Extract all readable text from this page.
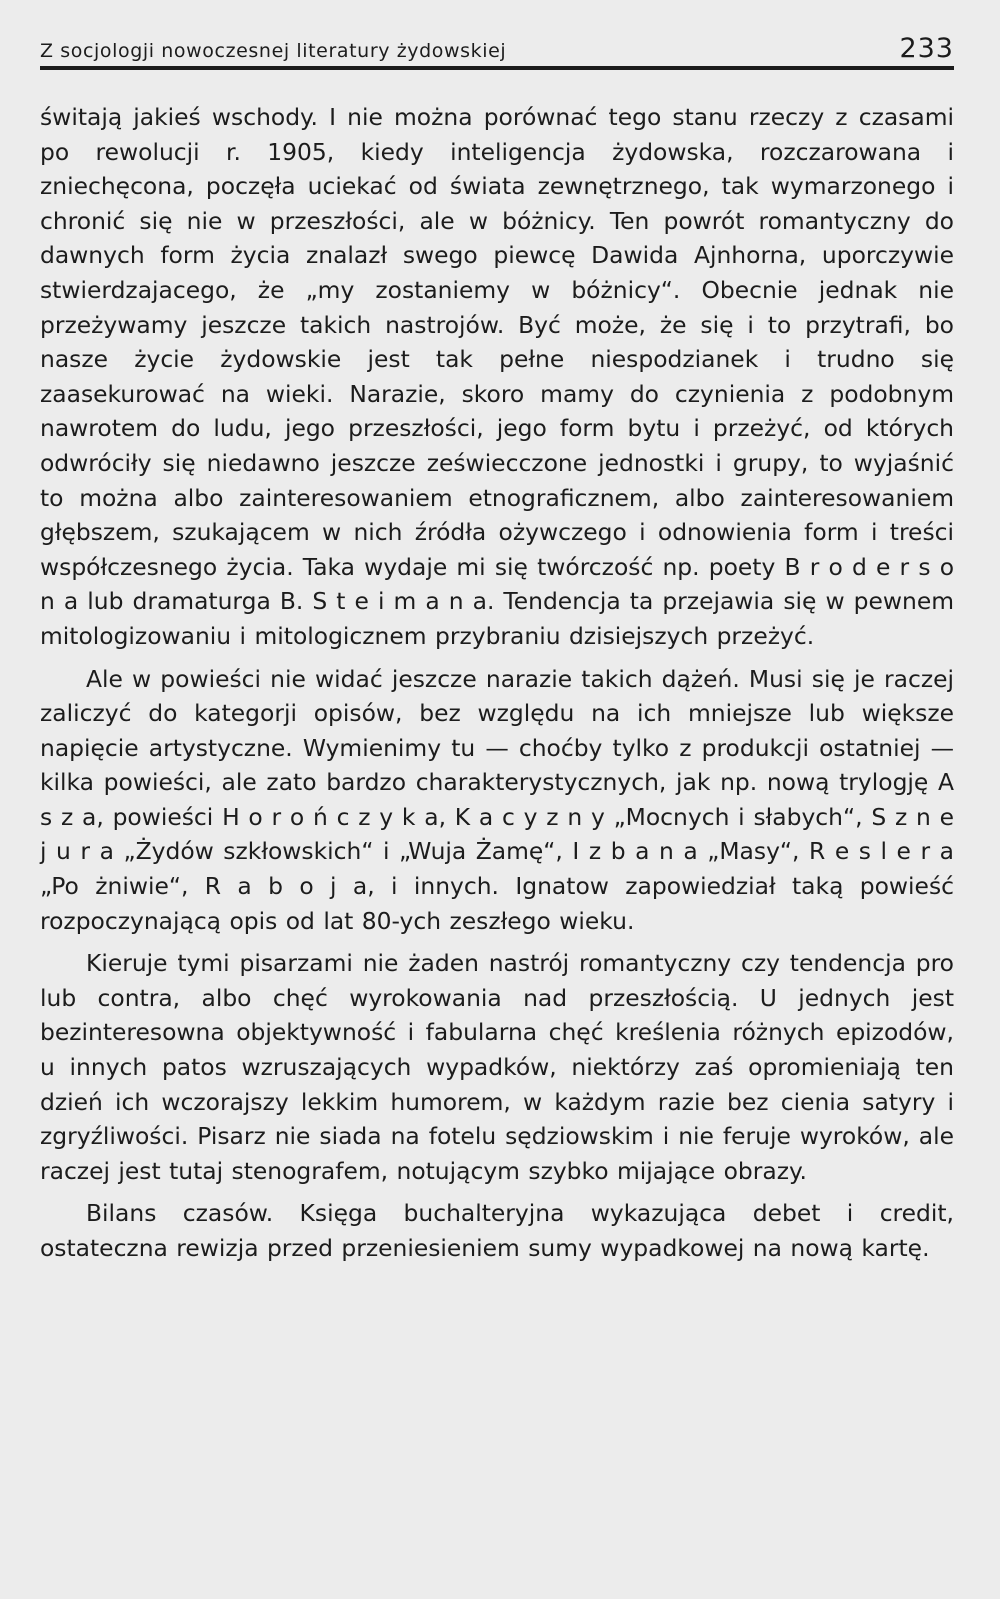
Z socjologji nowoczesnej literatury żydowskiej	233

świtają jakieś wschody. I nie można porównać tego stanu rzeczy z czasami po rewolucji r. 1905, kiedy inteligencja żydowska, rozczarowana i zniechęcona, poczęła uciekać od świata zewnętrznego, tak wymarzonego i chronić się nie w przeszłości, ale w bóżnicy. Ten powrót romantyczny do dawnych form życia znalazł swego piewcę Dawida Ajnhorna, uporczywie stwierdzajacego, że „my zostaniemy w bóżnicy“. Obecnie jednak nie przeżywamy jeszcze takich nastrojów. Być może, że się i to przytrafi, bo nasze życie żydowskie jest tak pełne niespodzianek i trudno się zaasekurować na wieki. Narazie, skoro mamy do czynienia z podobnym nawrotem do ludu, jego przeszłości, jego form bytu i przeżyć, od których odwróciły się niedawno jeszcze zeświecczone jednostki i grupy, to wyjaśnić to można albo zainteresowaniem etnograficznem, albo zainteresowaniem głębszem, szukającem w nich źródła ożywczego i odnowienia form i treści współczesnego życia. Taka wydaje mi się twórczość np. poety B r o d e r s o n a lub dramaturga B. S t e i m a n a. Tendencja ta przejawia się w pewnem mitologizowaniu i mitologicznem przybraniu dzisiejszych przeżyć.

Ale w powieści nie widać jeszcze narazie takich dążeń. Musi się je raczej zaliczyć do kategorji opisów, bez względu na ich mniejsze lub większe napięcie artystyczne. Wymienimy tu — choćby tylko z produkcji ostatniej — kilka powieści, ale zato bardzo charakterystycznych, jak np. nową trylogję A s z a, powieści H o r o ń c z y k a, K a c y z n y „Mocnych i słabych“, S z n e j u r a „Żydów szkłowskich“ i „Wuja Żamę“, I z b a n a „Masy“, R e s l e r a „Po żniwie“, R a b o j a, i innych. Ignatow zapowiedział taką powieść rozpoczynającą opis od lat 80-ych zeszłego wieku.

Kieruje tymi pisarzami nie żaden nastrój romantyczny czy tendencja pro lub contra, albo chęć wyrokowania nad przeszłością. U jednych jest bezinteresowna objektywność i fabularna chęć kreślenia różnych epizodów, u innych patos wzruszających wypadków, niektórzy zaś opromieniają ten dzień ich wczorajszy lekkim humorem, w każdym razie bez cienia satyry i zgryźliwości. Pisarz nie siada na fotelu sędziowskim i nie feruje wyroków, ale raczej jest tutaj stenografem, notującym szybko mijające obrazy.

Bilans czasów. Księga buchalteryjna wykazująca debet i credit, ostateczna rewizja przed przeniesieniem sumy wypadkowej na nową kartę.
